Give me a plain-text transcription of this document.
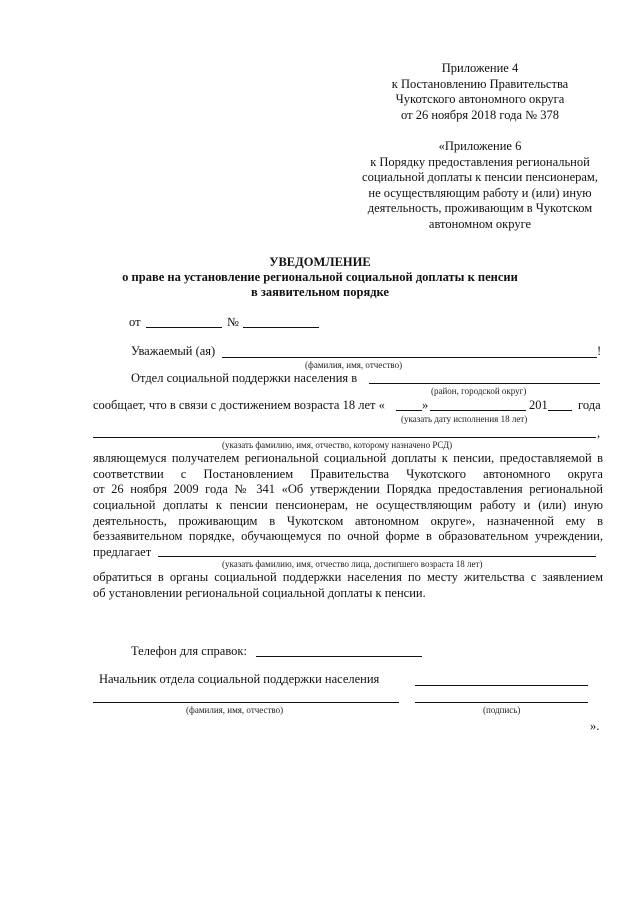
Приложение 4
к Постановлению Правительства
Чукотского автономного округа
от 26 ноября 2018 года № 378
«Приложение 6
к Порядку предоставления региональной
социальной доплаты к пенсии пенсионерам,
не осуществляющим работу и (или) иную
деятельность, проживающим в Чукотском
автономном округе
УВЕДОМЛЕНИЕ
о праве на установление региональной социальной доплаты к пенсии
в заявительном порядке
от	№
Уважаемый (ая)	!
(фамилия, имя, отчество)
Отдел социальной поддержки населения в
(район, городской округ)
сообщает, что в связи с достижением возраста 18 лет «	»	201 года
(указать дату исполнения 18 лет)
,
(указать фамилию, имя, отчество, которому назначено РСД)
являющемуся получателем региональной социальной доплаты к пенсии, предоставляемой в
соответствии с Постановлением Правительства Чукотского автономного округа
от 26 ноября 2009 года № 341 «Об утверждении Порядка предоставления региональной
социальной доплаты к пенсии пенсионерам, не осуществляющим работу и (или) иную
деятельность, проживающим в Чукотском автономном округе», назначенной ему в
беззаявительном порядке, обучающемуся по очной форме в образовательном учреждении,
предлагает
(указать фамилию, имя, отчество лица, достигшего возраста 18 лет)
обратиться в органы социальной поддержки населения по месту жительства с заявлением
об установлении региональной социальной доплаты к пенсии.
Телефон для справок:
Начальник отдела социальной поддержки населения
(фамилия, имя, отчество)	(подпись)
».
